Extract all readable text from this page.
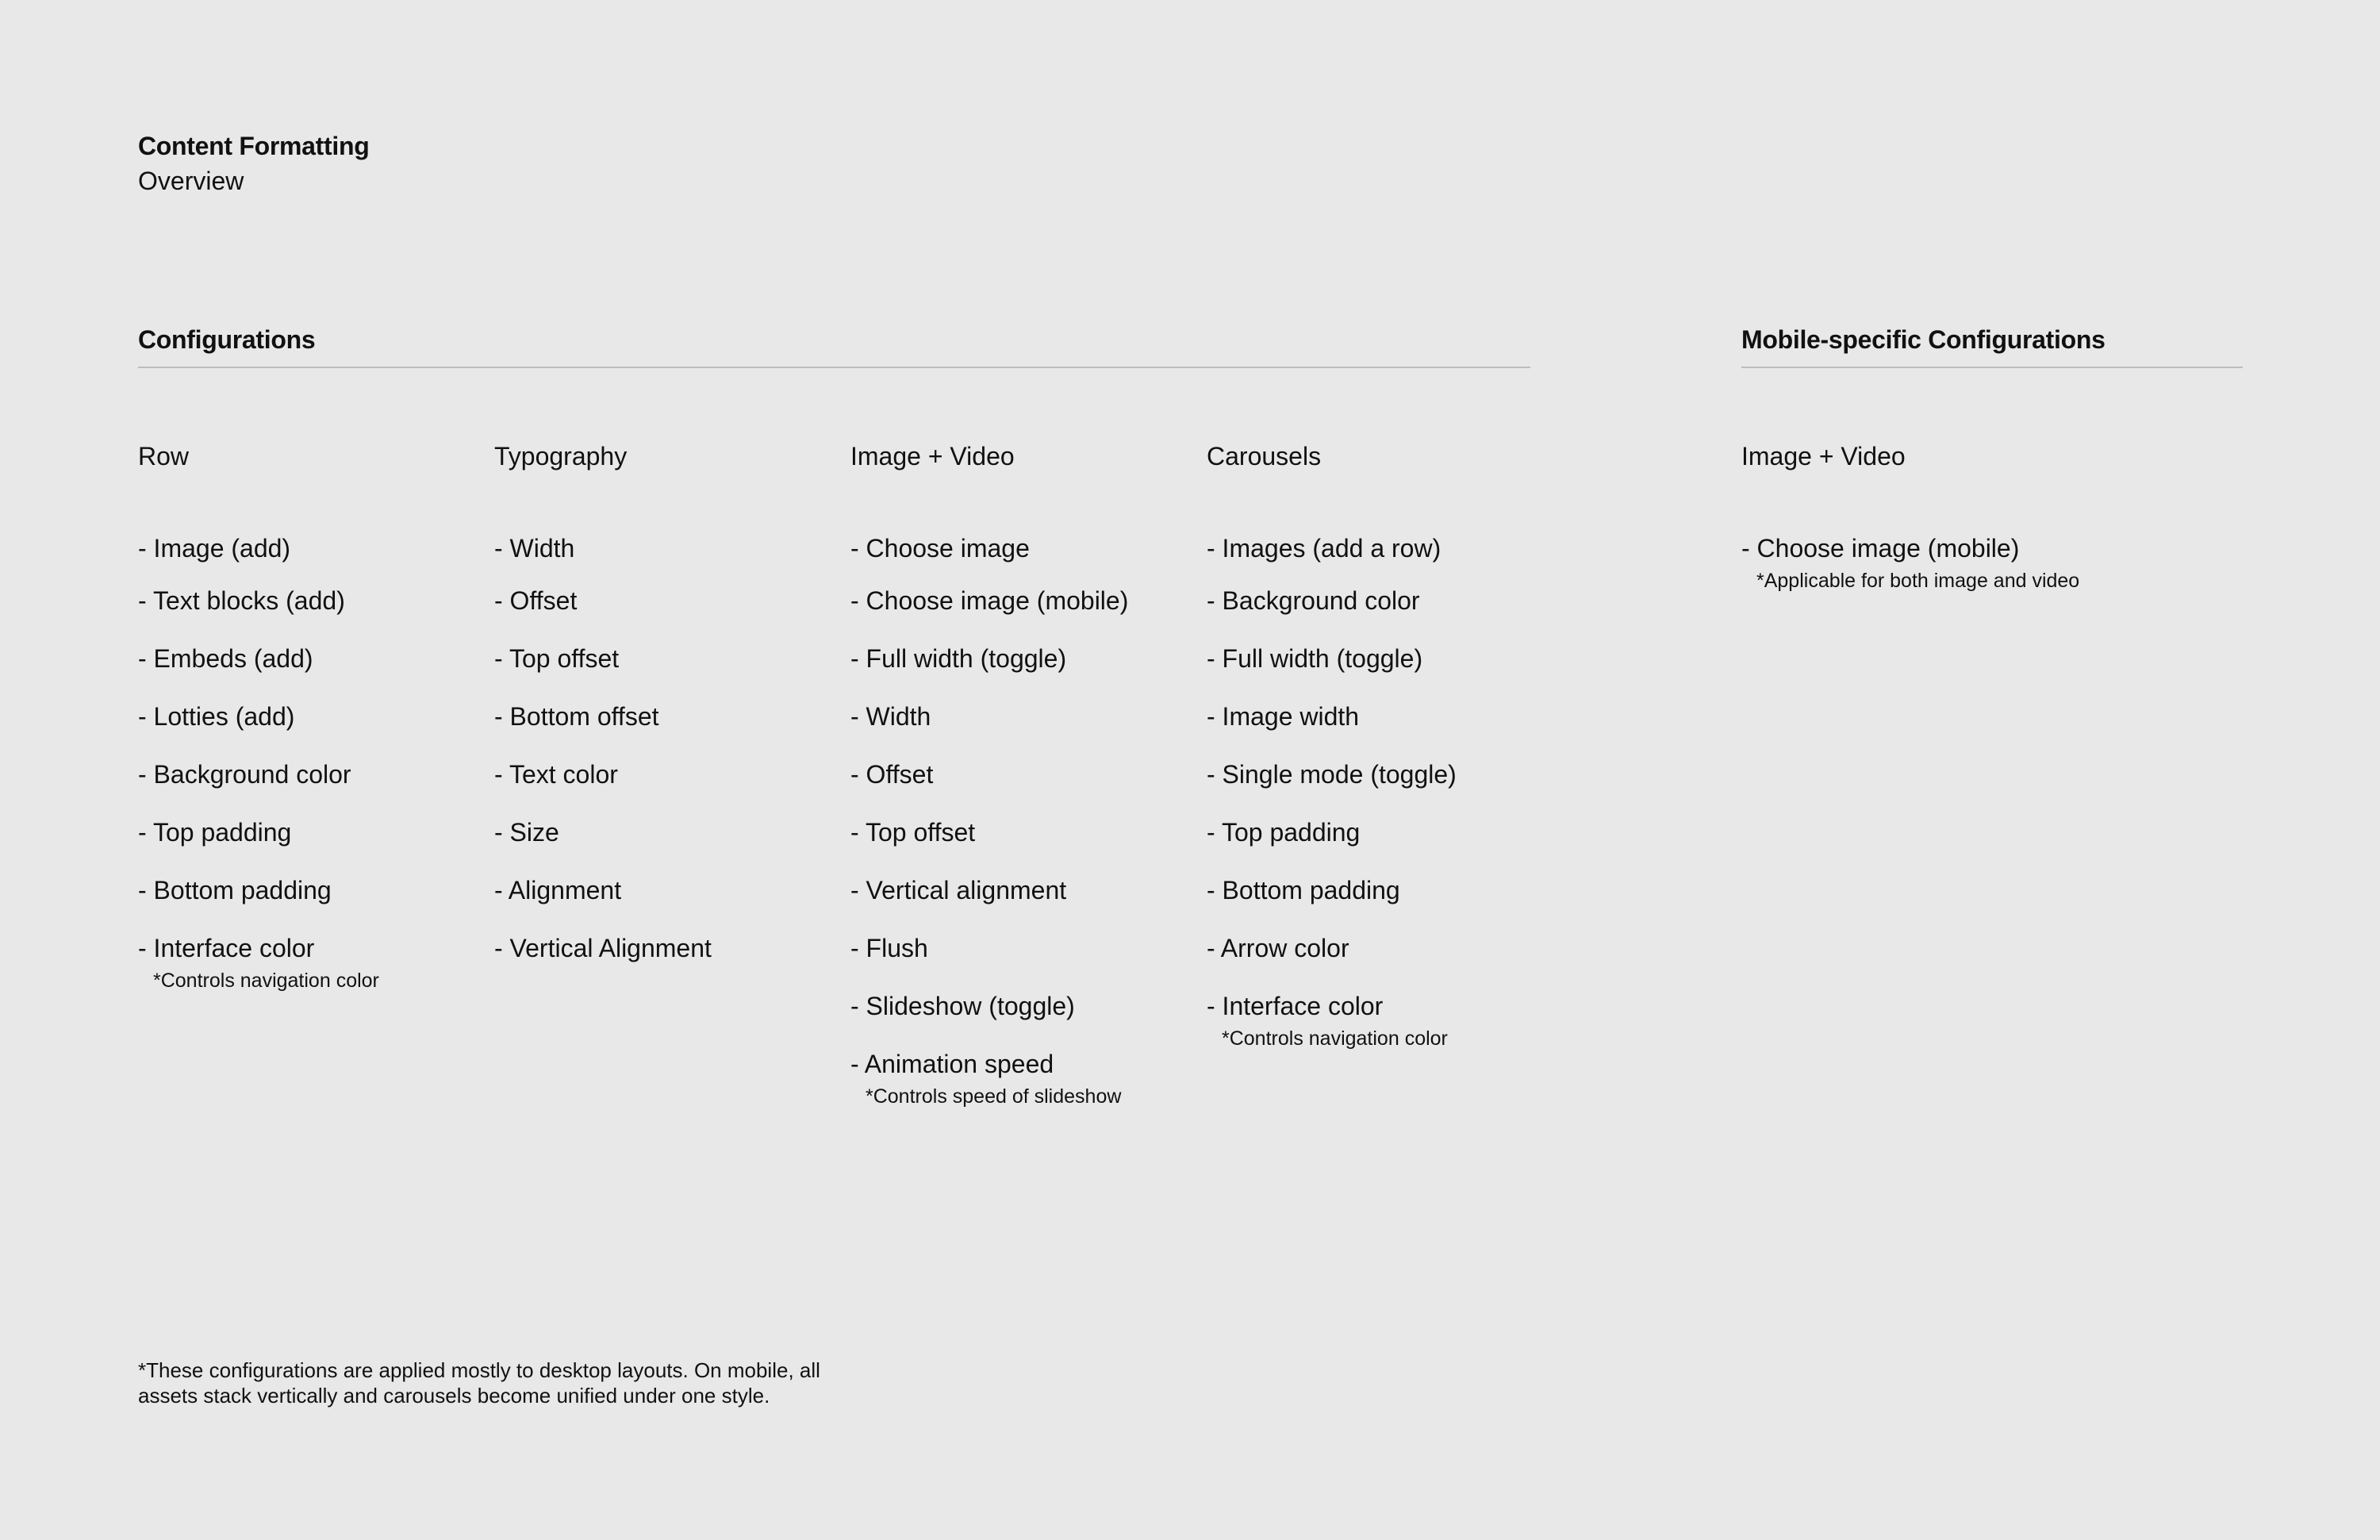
Content Formatting
Overview
Configurations
Row
- Image (add)
- Text blocks (add)
- Embeds (add)
- Lotties (add)
- Background color
- Top padding
- Bottom padding
- Interface color
*Controls navigation color
Typography
- Width
- Offset
- Top offset
- Bottom offset
- Text color
- Size
- Alignment
- Vertical Alignment
Image + Video
- Choose image
- Choose image (mobile)
- Full width (toggle)
- Width
- Offset
- Top offset
- Vertical alignment
- Flush
- Slideshow (toggle)
- Animation speed
*Controls speed of slideshow
Carousels
- Images (add a row)
- Background color
- Full width (toggle)
- Image width
- Single mode (toggle)
- Top padding
- Bottom padding
- Arrow color
- Interface color
*Controls navigation color
Mobile-specific Configurations
Image + Video
- Choose image (mobile)
*Applicable for both image and video
*These configurations are applied mostly to desktop layouts. On mobile, all assets stack vertically and carousels become unified under one style.
